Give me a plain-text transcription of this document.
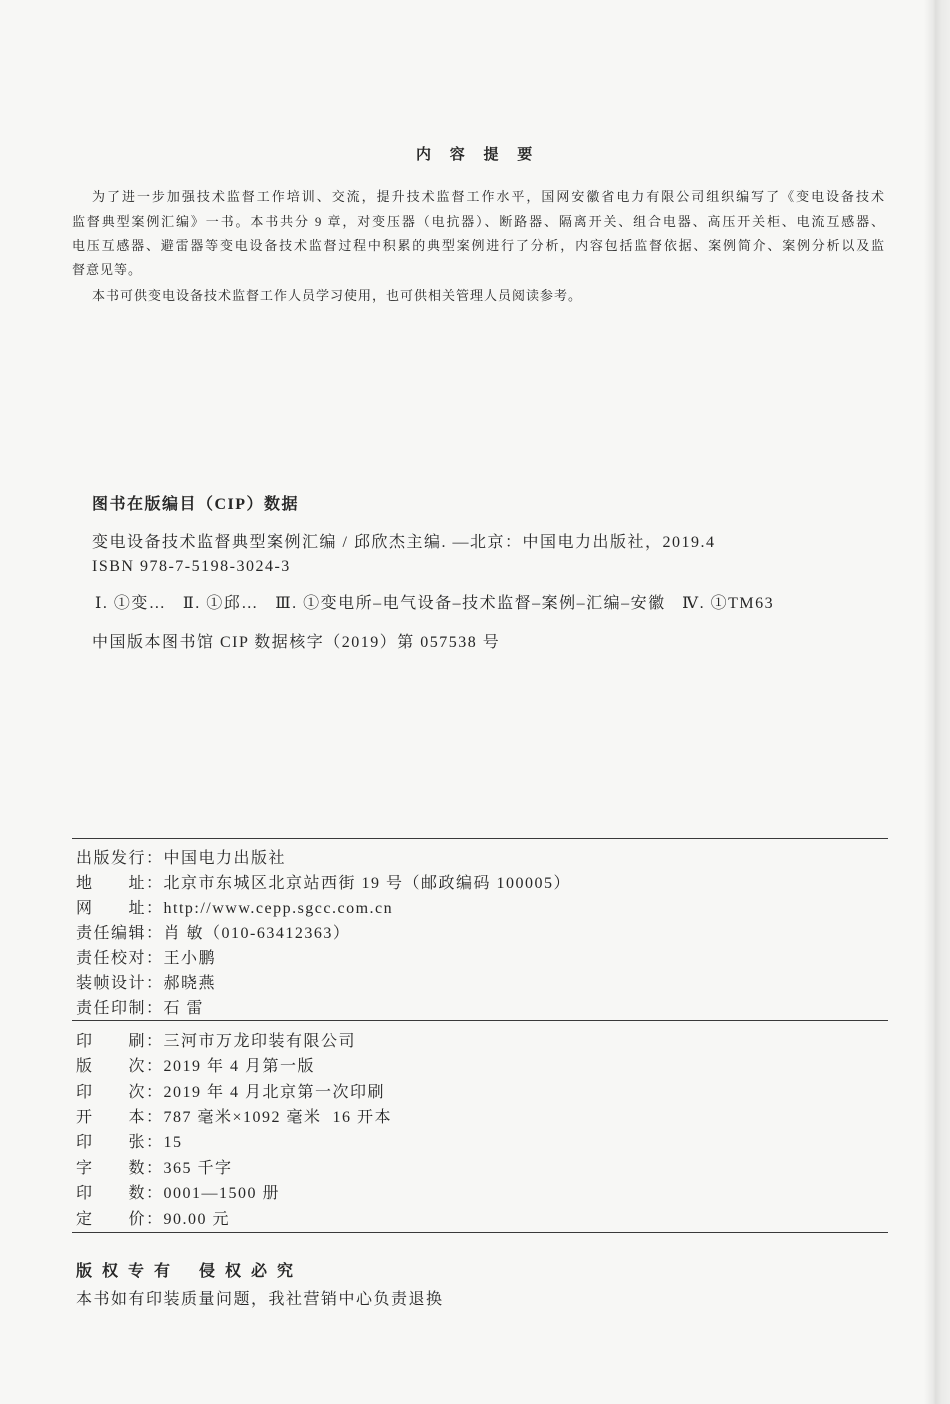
内 容 提 要
为了进一步加强技术监督工作培训、交流，提升技术监督工作水平，国网安徽省电力有限公司组织编写了《变电设备技术
监督典型案例汇编》一书。本书共分 9 章，对变压器（电抗器）、断路器、隔离开关、组合电器、高压开关柜、电流互感器、
电压互感器、避雷器等变电设备技术监督过程中积累的典型案例进行了分析，内容包括监督依据、案例简介、案例分析以及监
督意见等。
本书可供变电设备技术监督工作人员学习使用，也可供相关管理人员阅读参考。
图书在版编目（CIP）数据
变电设备技术监督典型案例汇编 / 邱欣杰主编. —北京：中国电力出版社，2019.4
ISBN 978-7-5198-3024-3
Ⅰ. ①变…   Ⅱ. ①邱…   Ⅲ. ①变电所–电气设备–技术监督–案例–汇编–安徽   Ⅳ. ①TM63
中国版本图书馆 CIP 数据核字（2019）第 057538 号
出版发行：中国电力出版社
地 址：北京市东城区北京站西街 19 号（邮政编码 100005）
网 址：http://www.cepp.sgcc.com.cn
责任编辑：肖 敏（010-63412363）
责任校对：王小鹏
装帧设计：郝晓燕
责任印制：石 雷
印 刷：三河市万龙印装有限公司
版 次：2019 年 4 月第一版
印 次：2019 年 4 月北京第一次印刷
开 本：787 毫米×1092 毫米  16 开本
印 张：15
字 数：365 千字
印 数：0001—1500 册
定 价：90.00 元
版 权 专 有 侵 权 必 究
本书如有印装质量问题，我社营销中心负责退换
